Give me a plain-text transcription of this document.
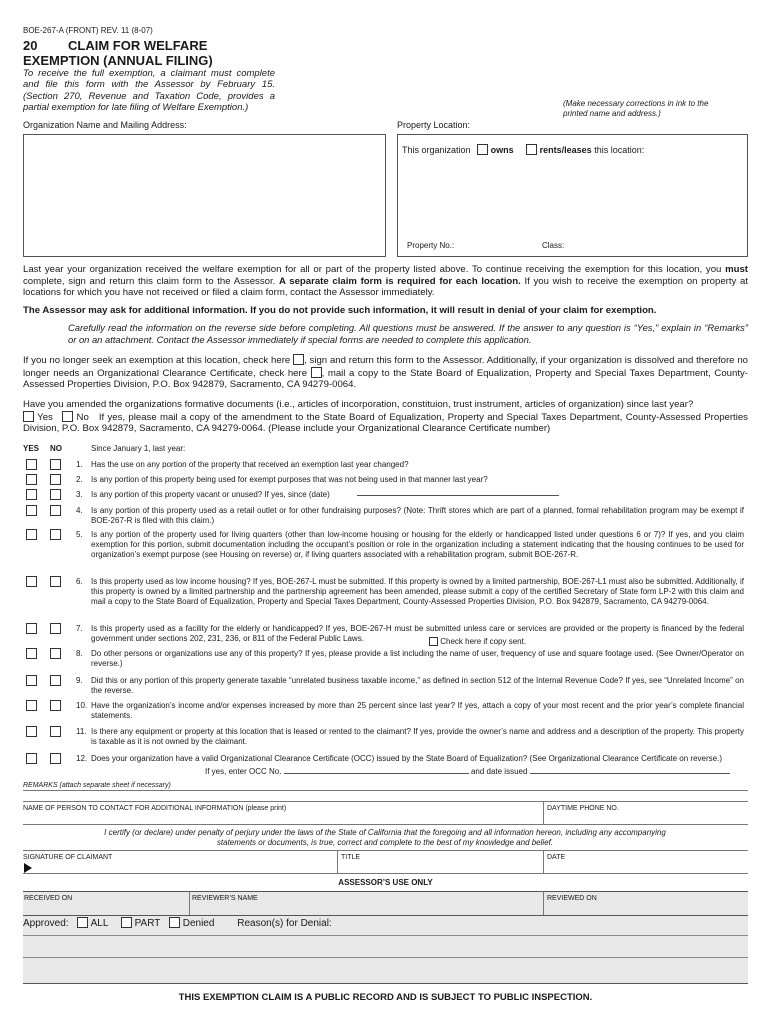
BOE-267-A (FRONT) REV. 11 (8-07)
20 CLAIM FOR WELFARE
EXEMPTION (ANNUAL FILING)
To receive the full exemption, a claimant must complete and file this form with the Assessor by February 15. (Section 270, Revenue and Taxation Code, provides a partial exemption for late filing of Welfare Exemption.)	(Make necessary corrections in ink to the printed name and address.)
Organization Name and Mailing Address:	Property Location:
This organization owns	rents/leases this location:
Property No.:	Class:
Last year your organization received the welfare exemption for all or part of the property listed above. To continue receiving the exemption for this location, you must complete, sign and return this claim form to the Assessor. A separate claim form is required for each location. If you wish to receive the exemption on property at locations for which you have not received or filed a claim form, contact the Assessor immediately.
The Assessor may ask for additional information. If you do not provide such information, it will result in denial of your claim for exemption.
Carefully read the information on the reverse side before completing. All questions must be answered. If the answer to any question is “Yes,” explain in “Remarks” or on an attachment. Contact the Assessor immediately if special forms are needed to complete this application.
If you no longer seek an exemption at this location, check here , sign and return this form to the Assessor. Additionally, if your organization is dissolved and therefore no longer needs an Organizational Clearance Certificate, check here , mail a copy to the State Board of Equalization, Property and Special Taxes Department, County-Assessed Properties Division, P.O. Box 942879, Sacramento, CA 94279-0064.
Have you amended the organizations formative documents (i.e., articles of incorporation, constituion, trust instrument, articles of organization) since last year?
Yes No If yes, please mail a copy of the amendment to the State Board of Equalization, Property and Special Taxes Department, County-Assessed Properties Division, P.O. Box 942879, Sacramento, CA 94279-0064. (Please include your Organizational Clearance Certificate number)
YES NO	Since January 1, last year:
1.	Has the use on any portion of the property that received an exemption last year changed?
2.	Is any portion of this property being used for exempt purposes that was not being used in that manner last year?
3.	Is any portion of this property vacant or unused? If yes, since (date)
4.	Is any portion of this property used as a retail outlet or for other fundraising purposes? (Note: Thrift stores which are part of a planned, formal rehabilitation program may be exempt if BOE-267-R is filed with this claim.)
5.	Is any portion of the property used for living quarters (other than low-income housing or housing for the elderly or handicapped listed under questions 6 or 7)? If yes, and you claim exemption for this portion, submit documentation including the occupant’s position or role in the organization including a statement indicating that the housing continues to be used for organization’s exempt purpose (see Housing on reverse) or, if living quarters associated with a rehabilitation program, submit BOE-267-R.
6.	Is this property used as low income housing? If yes, BOE-267-L must be submitted. If this property is owned by a limited partnership, BOE-267-L1 must also be submitted. Additionally, if this property is owned by a limited partnership and the partnership agreement has been amended, please submit a copy of the certified Secretary of State form LP-2 with this claim and mail a copy to the State Board of Equalization, Property and Special Taxes Department, County-Assessed Properties Division, P.O. Box 942879, Sacramento, CA 94279-0064.
7.	Is this property used as a facility for the elderly or handicapped? If yes, BOE-267-H must be submitted unless care or services are provided or the property is financed by the federal government under sections 202, 231, 236, or 811 of the Federal Public Laws.
8.	Do other persons or organizations use any of this property? If yes, please provide a list including the name of user, frequency of use and square footage used. (See Owner/Operator on reverse.)
9.	Did this or any portion of this property generate taxable “unrelated business taxable income,” as defined in section 512 of the Internal Revenue Code? If yes, see “Unrelated Income” on the reverse.
10. Have the organization’s income and/or expenses increased by more than 25 percent since last year? If yes, attach a copy of your most recent and the prior year’s complete financial statements.
11. Is there any equipment or property at this location that is leased or rented to the claimant? If yes, provide the owner’s name and address and a description of the property. This property is taxable as it is not owned by the claimant.
12. Does your organization have a valid Organizational Clearance Certificate (OCC) issued by the State Board of Equalization? (See Organizational Clearance Certificate on reverse.)
Check here if copy sent.
If yes, enter OCC No.	and date issued
REMARKS (attach separate sheet if necessary)
NAME OF PERSON TO CONTACT FOR ADDITIONAL INFORMATION (please print)	DAYTIME PHONE NO.
I certify (or declare) under penalty of perjury under the laws of the State of California that the foregoing and all information hereon, including any accompanying statements or documents, is true, correct and complete to the best of my knowledge and belief.
SIGNATURE OF CLAIMANT	TITLE	DATE
ASSESSOR’S USE ONLY
RECEIVED ON	REVIEWER’S NAME	REVIEWED ON
Approved: ALL	PART Denied Reason(s) for Denial:
THIS EXEMPTION CLAIM IS A PUBLIC RECORD AND IS SUBJECT TO PUBLIC INSPECTION.
